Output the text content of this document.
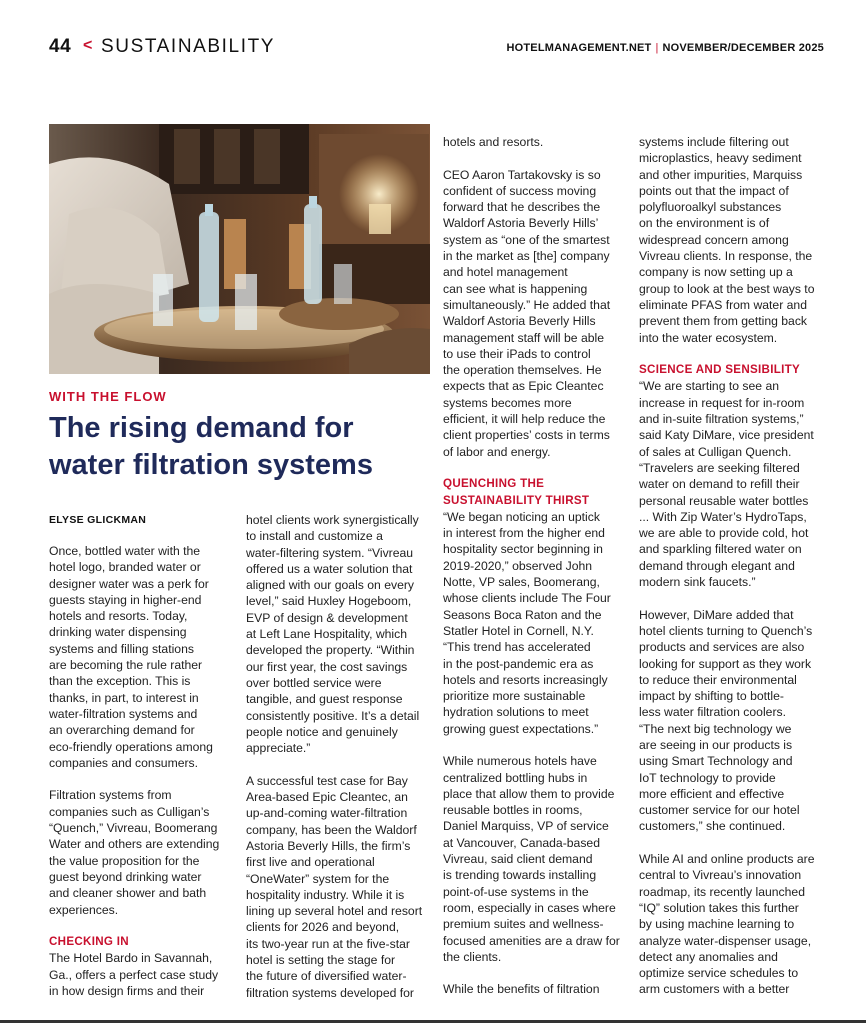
44 < SUSTAINABILITY	HOTELMANAGEMENT.NET | NOVEMBER/DECEMBER 2025
WITH THE FLOW
The rising demand for water filtration systems
ELYSE GLICKMAN

Once, bottled water with the
hotel logo, branded water or
designer water was a perk for
guests staying in higher-end
hotels and resorts. Today,
drinking water dispensing
systems and filling stations
are becoming the rule rather
than the exception. This is
thanks, in part, to interest in
water-filtration systems and
an overarching demand for
eco-friendly operations among
companies and consumers.

Filtration systems from
companies such as Culligan’s
“Quench,” Vivreau, Boomerang
Water and others are extending
the value proposition for the
guest beyond drinking water
and cleaner shower and bath
experiences.

CHECKING IN

The Hotel Bardo in Savannah,
Ga., offers a perfect case study
in how design firms and their

hotel clients work synergistically
to install and customize a
water-filtering system. “Vivreau
offered us a water solution that
aligned with our goals on every
level,” said Huxley Hogeboom,
EVP of design & development
at Left Lane Hospitality, which
developed the property. “Within
our first year, the cost savings
over bottled service were
tangible, and guest response
consistently positive. It’s a detail
people notice and genuinely
appreciate.”

A successful test case for Bay
Area-based Epic Cleantec, an
up-and-coming water-filtration
company, has been the Waldorf
Astoria Beverly Hills, the firm’s
first live and operational
“OneWater” system for the
hospitality industry. While it is
lining up several hotel and resort
clients for 2026 and beyond,
its two-year run at the five-star
hotel is setting the stage for
the future of diversified water-
filtration systems developed for

hotels and resorts.

CEO Aaron Tartakovsky is so
confident of success moving
forward that he describes the
Waldorf Astoria Beverly Hills’
system as “one of the smartest
in the market as [the] company
and hotel management
can see what is happening
simultaneously.” He added that
Waldorf Astoria Beverly Hills
management staff will be able
to use their iPads to control
the operation themselves. He
expects that as Epic Cleantec
systems becomes more
efficient, it will help reduce the
client properties’ costs in terms
of labor and energy.

QUENCHING THE
SUSTAINABILITY THIRST

“We began noticing an uptick
in interest from the higher end
hospitality sector beginning in
2019-2020,” observed John
Notte, VP sales, Boomerang,
whose clients include The Four
Seasons Boca Raton and the
Statler Hotel in Cornell, N.Y.
“This trend has accelerated
in the post-pandemic era as
hotels and resorts increasingly
prioritize more sustainable
hydration solutions to meet
growing guest expectations.”

While numerous hotels have
centralized bottling hubs in
place that allow them to provide
reusable bottles in rooms,
Daniel Marquiss, VP of service
at Vancouver, Canada-based
Vivreau, said client demand
is trending towards installing
point-of-use systems in the
room, especially in cases where
premium suites and wellness-
focused amenities are a draw for
the clients.

While the benefits of filtration

systems include filtering out
microplastics, heavy sediment
and other impurities, Marquiss
points out that the impact of
polyfluoroalkyl substances
on the environment is of
widespread concern among
Vivreau clients. In response, the
company is now setting up a
group to look at the best ways to
eliminate PFAS from water and
prevent them from getting back
into the water ecosystem.

SCIENCE AND SENSIBILITY

“We are starting to see an
increase in request for in-room
and in-suite filtration systems,”
said Katy DiMare, vice president
of sales at Culligan Quench.
“Travelers are seeking filtered
water on demand to refill their
personal reusable water bottles
... With Zip Water’s HydroTaps,
we are able to provide cold, hot
and sparkling filtered water on
demand through elegant and
modern sink faucets.”

However, DiMare added that
hotel clients turning to Quench’s
products and services are also
looking for support as they work
to reduce their environmental
impact by shifting to bottle-
less water filtration coolers.
“The next big technology we
are seeing in our products is
using Smart Technology and
IoT technology to provide
more efficient and effective
customer service for our hotel
customers,” she continued.

While AI and online products are
central to Vivreau’s innovation
roadmap, its recently launched
“IQ” solution takes this further
by using machine learning to
analyze water-dispenser usage,
detect any anomalies and
optimize service schedules to
arm customers with a better
